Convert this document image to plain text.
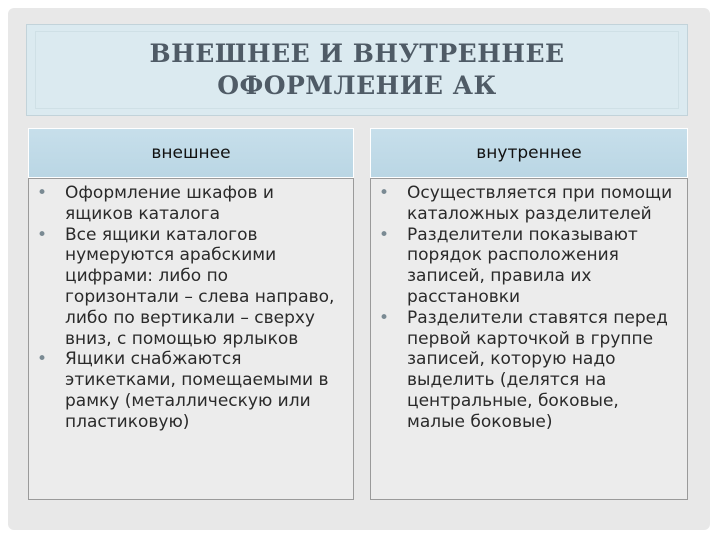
ВНЕШНЕЕ И ВНУТРЕННЕЕ
ОФОРМЛЕНИЕ АК
внешнее	внутреннее
• Оформление шкафов и ящиков каталога
• Все ящики каталогов нумеруются арабскими цифрами: либо по горизонтали – слева направо, либо по вертикали – сверху вниз, с помощью ярлыков
• Ящики снабжаются этикетками, помещаемыми в рамку (металлическую или пластиковую)
• Осуществляется при помощи каталожных разделителей
• Разделители показывают порядок расположения записей, правила их расстановки
• Разделители ставятся перед первой карточкой в группе записей, которую надо выделить (делятся на центральные, боковые, малые боковые)
